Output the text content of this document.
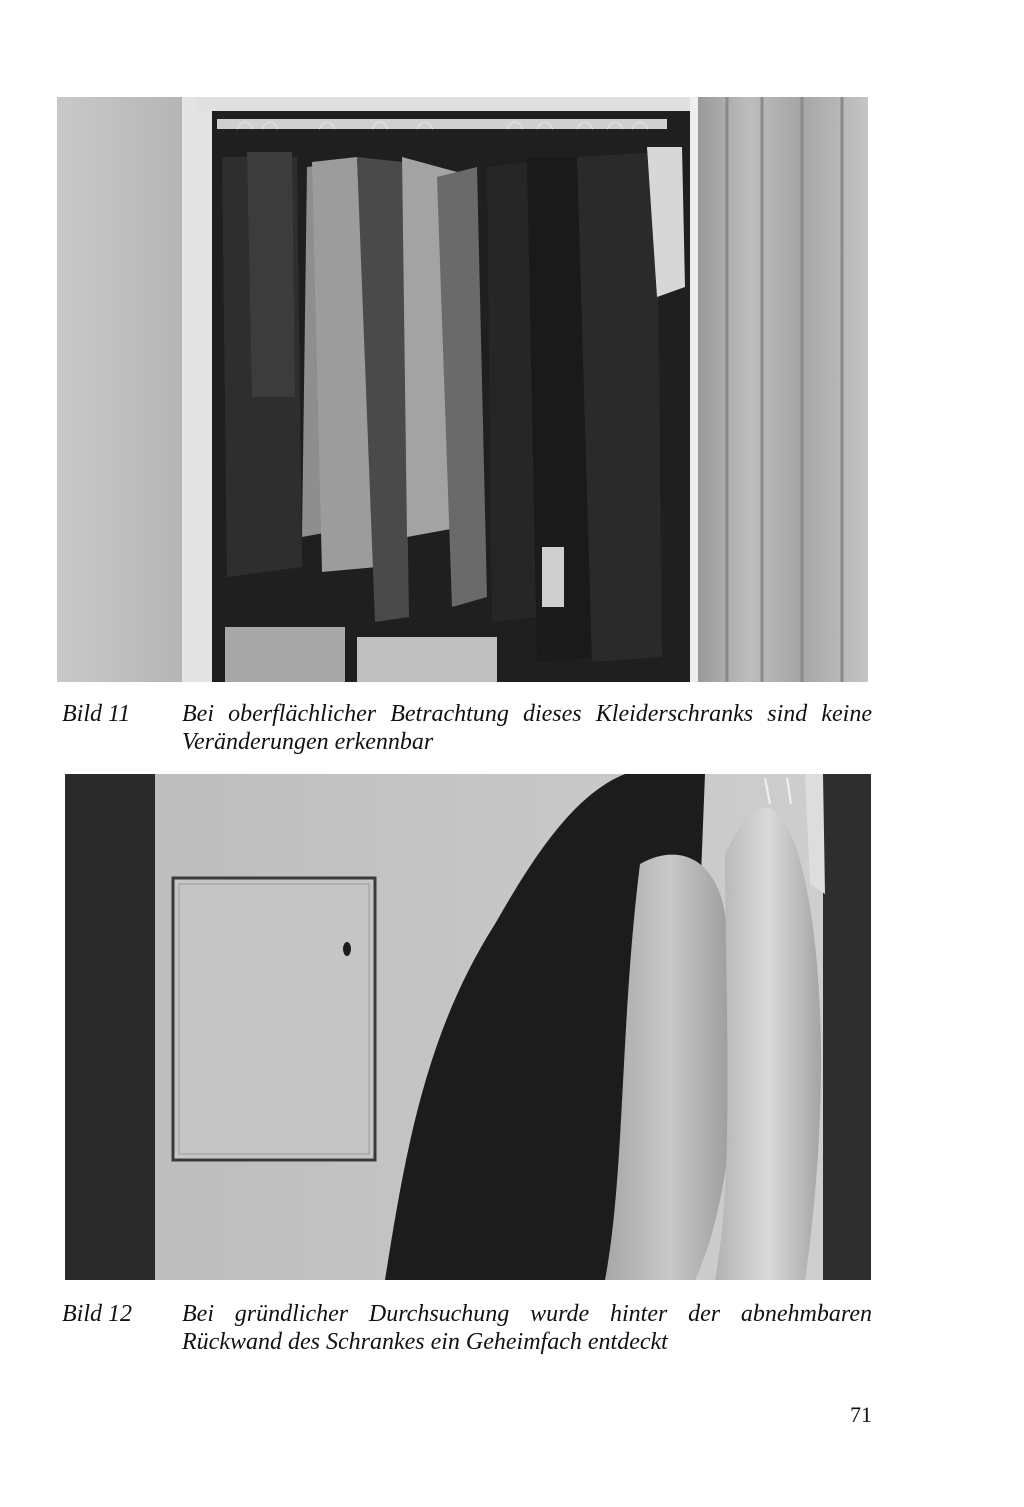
Bild 11 Bei oberflächlicher Betrachtung dieses Kleiderschranks sind keine Veränderungen erkennbar
Bild 12 Bei gründlicher Durchsuchung wurde hinter der abnehmbaren Rückwand des Schrankes ein Geheimfach entdeckt
71
